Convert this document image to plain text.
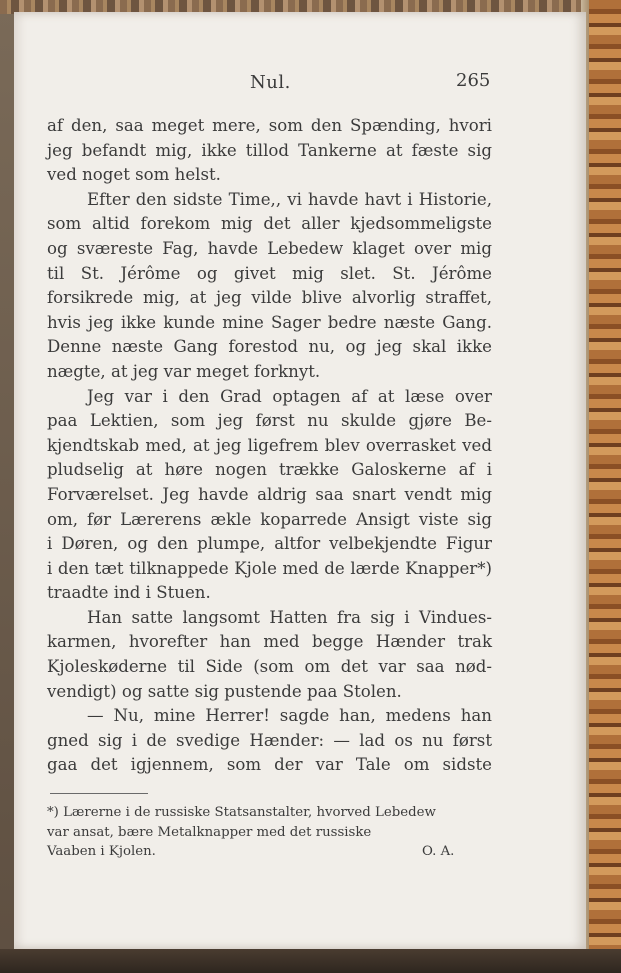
Nul.	265
af den, saa meget mere, som den Spænding, hvori
jeg befandt mig, ikke tillod Tankerne at fæste sig
ved noget som helst.
Efter den sidste Time,, vi havde havt i Historie,
som altid forekom mig det aller kjedsommeligste
og sværeste Fag, havde Lebedew klaget over mig
til St. Jérôme og givet mig slet. St. Jérôme
forsikrede mig, at jeg vilde blive alvorlig straffet,
hvis jeg ikke kunde mine Sager bedre næste Gang.
Denne næste Gang forestod nu, og jeg skal ikke
nægte, at jeg var meget forknyt.
Jeg var i den Grad optagen af at læse over
paa Lektien, som jeg først nu skulde gjøre Be-
kjendtskab med, at jeg ligefrem blev overrasket ved
pludselig at høre nogen trække Galoskerne af i
Forværelset. Jeg havde aldrig saa snart vendt mig
om, før Lærerens ækle koparrede Ansigt viste sig
i Døren, og den plumpe, altfor velbekjendte Figur
i den tæt tilknappede Kjole med de lærde Knapper*)
traadte ind i Stuen.
Han satte langsomt Hatten fra sig i Vindues-
karmen, hvorefter han med begge Hænder trak
Kjoleskøderne til Side (som om det var saa nød-
vendigt) og satte sig pustende paa Stolen.
— Nu, mine Herrer! sagde han, medens han
gned sig i de svedige Hænder: — lad os nu først
gaa det igjennem, som der var Tale om sidste
*) Lærerne i de russiske Statsanstalter, hvorved Lebedew
var ansat, bære Metalknapper med det russiske
Vaaben i Kjolen.	O. A.
